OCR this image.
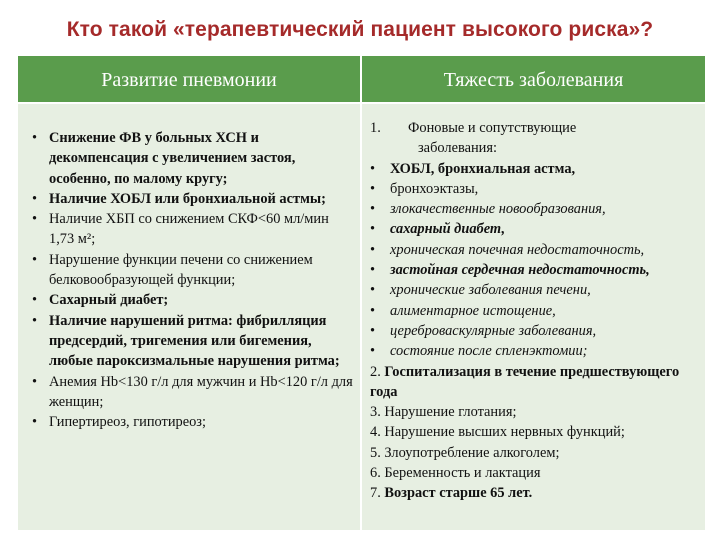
Кто такой «терапевтический пациент высокого риска»?
Развитие пневмонии	Тяжесть заболевания
• Снижение ФВ у больных ХСН и декомпенсация с увеличением застоя, особенно, по малому кругу;
• Наличие ХОБЛ или бронхиальной астмы;
• Наличие ХБП со снижением СКФ<60 мл/мин 1,73 м²;
• Нарушение функции печени со снижением белковообразующей функции;
• Сахарный диабет;
• Наличие нарушений ритма: фибрилляция предсердий, тригемения или бигемения, любые пароксизмальные нарушения ритма;
• Анемия Hb<130 г/л для мужчин и Hb<120 г/л для женщин;
• Гипертиреоз, гипотиреоз;
1. Фоновые и сопутствующие
заболевания:
• ХОБЛ, бронхиальная астма,
• бронхоэктазы,
• злокачественные новообразования,
• сахарный диабет,
• хроническая почечная недостаточность,
• застойная сердечная недостаточность,
• хронические заболевания печени,
• алиментарное истощение,
• цереброваскулярные заболевания,
• состояние после спленэктомии;
2. Госпитализация в течение предшествующего года
3. Нарушение глотания;
4. Нарушение высших нервных функций;
5. Злоупотребление алкоголем;
6. Беременность и лактация
7. Возраст старше 65 лет.
